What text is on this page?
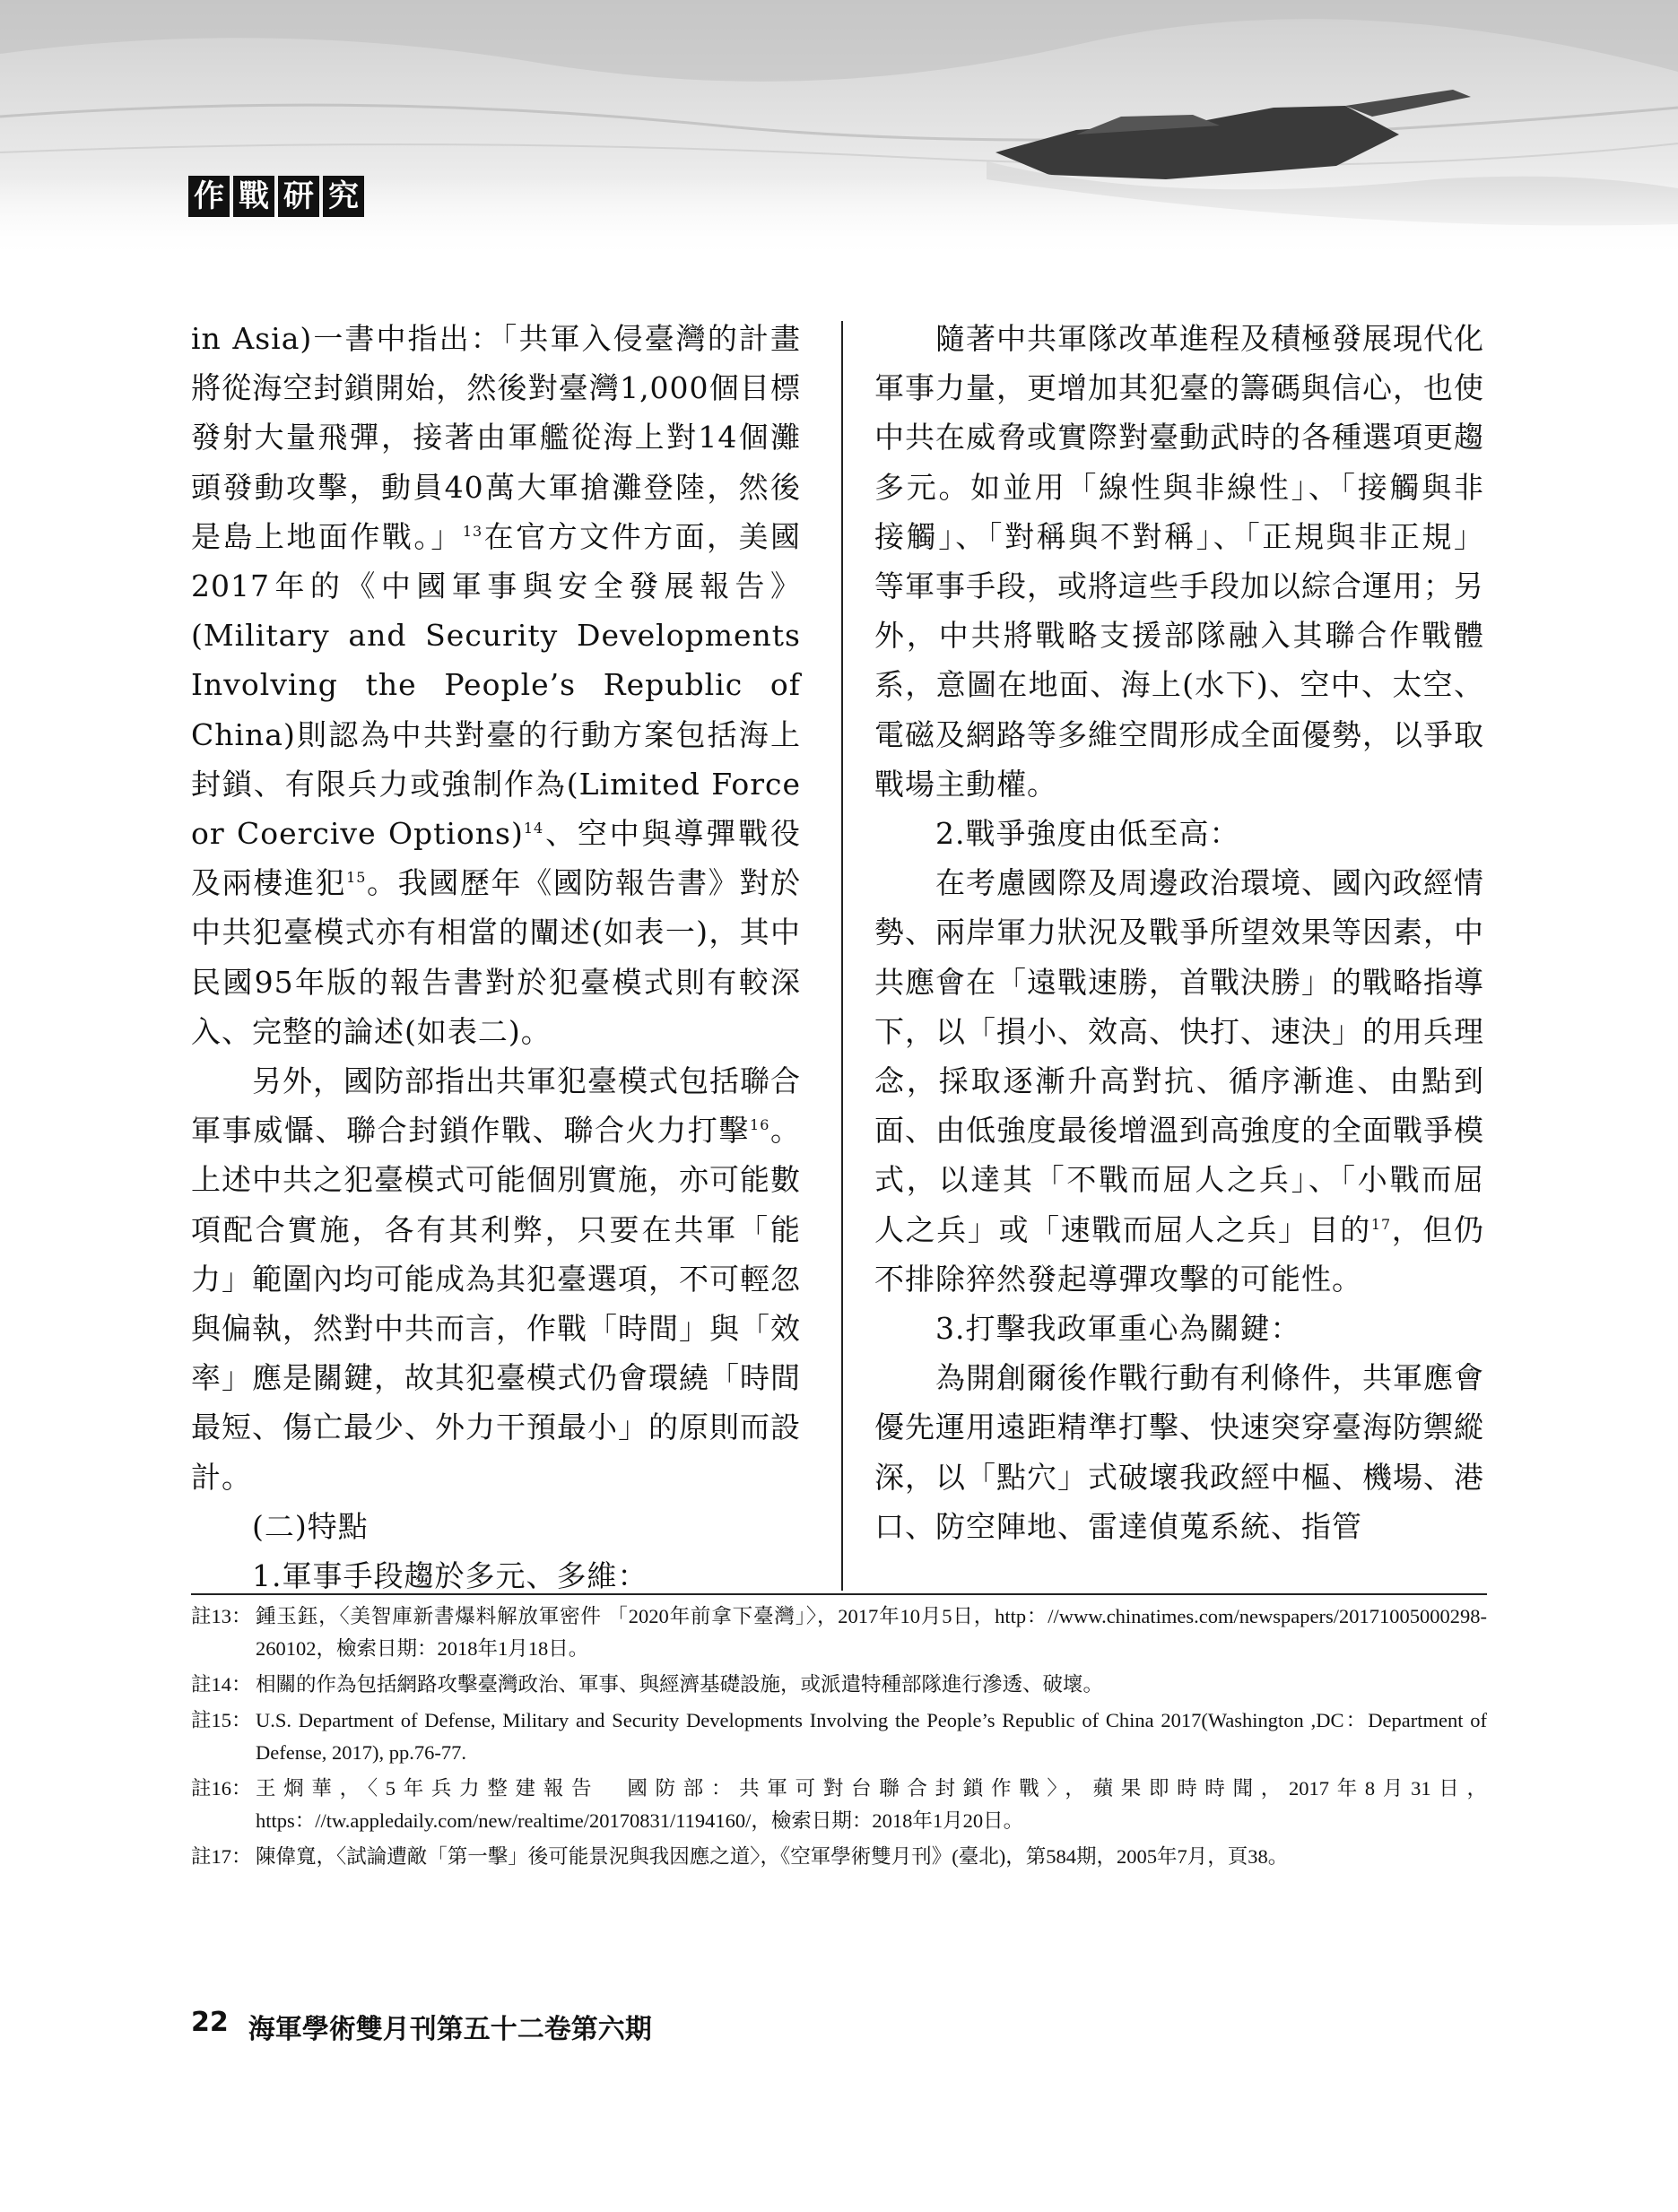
作 戰 研 究

in Asia)一書中指出：「共軍入侵臺灣的計畫將從海空封鎖開始，然後對臺灣1,000個目標發射大量飛彈，接著由軍艦從海上對14個灘頭發動攻擊，動員40萬大軍搶灘登陸，然後是島上地面作戰。」$^{13}$在官方文件方面，美國2017年的《中國軍事與安全發展報告》(Military and Security Developments Involving the People’s Republic of China)則認為中共對臺的行動方案包括海上封鎖、有限兵力或強制作為(Limited Force or Coercive Options)$^{14}$、空中與導彈戰役及兩棲進犯$^{15}$。我國歷年《國防報告書》對於中共犯臺模式亦有相當的闡述(如表一)，其中民國95年版的報告書對於犯臺模式則有較深入、完整的論述(如表二)。

另外，國防部指出共軍犯臺模式包括聯合軍事威懾、聯合封鎖作戰、聯合火力打擊$^{16}$。上述中共之犯臺模式可能個別實施，亦可能數項配合實施，各有其利弊，只要在共軍「能力」範圍內均可能成為其犯臺選項，不可輕忽與偏執，然對中共而言，作戰「時間」與「效率」應是關鍵，故其犯臺模式仍會環繞「時間最短、傷亡最少、外力干預最小」的原則而設計。

(二)特點

1.軍事手段趨於多元、多維：

隨著中共軍隊改革進程及積極發展現代化軍事力量，更增加其犯臺的籌碼與信心，也使中共在威脅或實際對臺動武時的各種選項更趨多元。如並用「線性與非線性」、「接觸與非接觸」、「對稱與不對稱」、「正規與非正規」等軍事手段，或將這些手段加以綜合運用；另外，中共將戰略支援部隊融入其聯合作戰體系，意圖在地面、海上(水下)、空中、太空、電磁及網路等多維空間形成全面優勢，以爭取戰場主動權。

2.戰爭強度由低至高：

在考慮國際及周邊政治環境、國內政經情勢、兩岸軍力狀況及戰爭所望效果等因素，中共應會在「遠戰速勝，首戰決勝」的戰略指導下，以「損小、效高、快打、速決」的用兵理念，採取逐漸升高對抗、循序漸進、由點到面、由低強度最後增溫到高強度的全面戰爭模式，以達其「不戰而屈人之兵」、「小戰而屈人之兵」或「速戰而屈人之兵」目的$^{17}$，但仍不排除猝然發起導彈攻擊的可能性。

3.打擊我政軍重心為關鍵：

為開創爾後作戰行動有利條件，共軍應會優先運用遠距精準打擊、快速突穿臺海防禦縱深，以「點穴」式破壞我政經中樞、機場、港口、防空陣地、雷達偵蒐系統、指管

註13： 鍾玉鈺，〈美智庫新書爆料解放軍密件 「2020年前拿下臺灣」〉，2017年10月5日，http：//www.chinatimes.com/newspapers/20171005000298-260102，檢索日期：2018年1月18日。
註14： 相關的作為包括網路攻擊臺灣政治、軍事、與經濟基礎設施，或派遣特種部隊進行滲透、破壞。
註15： U.S. Department of Defense, Military and Security Developments Involving the People’s Republic of China 2017(Washington ,DC：Department of Defense, 2017), pp.76-77.
註16： 王烱華，〈5年兵力整建報告　國防部：共軍可對台聯合封鎖作戰〉，蘋果即時時聞，2017年8月31日，https：//tw.appledaily.com/new/realtime/20170831/1194160/，檢索日期：2018年1月20日。
註17： 陳偉寬，〈試論遭敵「第一擊」後可能景況與我因應之道〉，《空軍學術雙月刊》(臺北)，第584期，2005年7月，頁38。
22 海軍學術雙月刊第五十二卷第六期
